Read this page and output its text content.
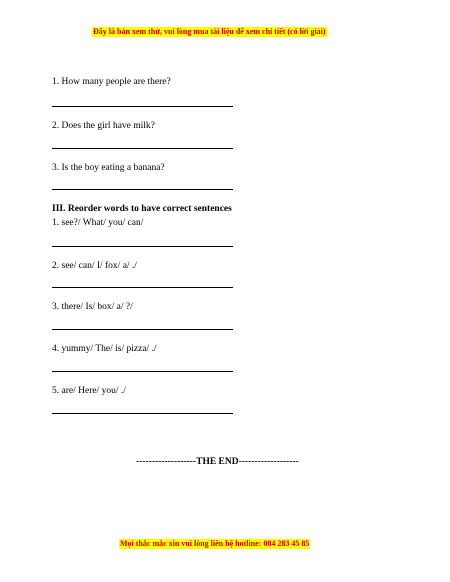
Đây là bản xem thử, vui lòng mua tài liệu để xem chi tiết (có lời giải)
1. How many people are there?
2. Does the girl have milk?
3. Is the boy eating a banana?
III. Reorder words to have correct sentences
1. see?/ What/ you/ can/
2. see/ can/ I/ fox/ a/ ./
3. there/ Is/ box/ a/ ?/
4. yummy/ The/ is/ pizza/ ./
5. are/ Here/ you/ ./
-------------------THE END-------------------
Mọi thắc mắc xin vui lòng liên hệ hotline: 084 283 45 85
